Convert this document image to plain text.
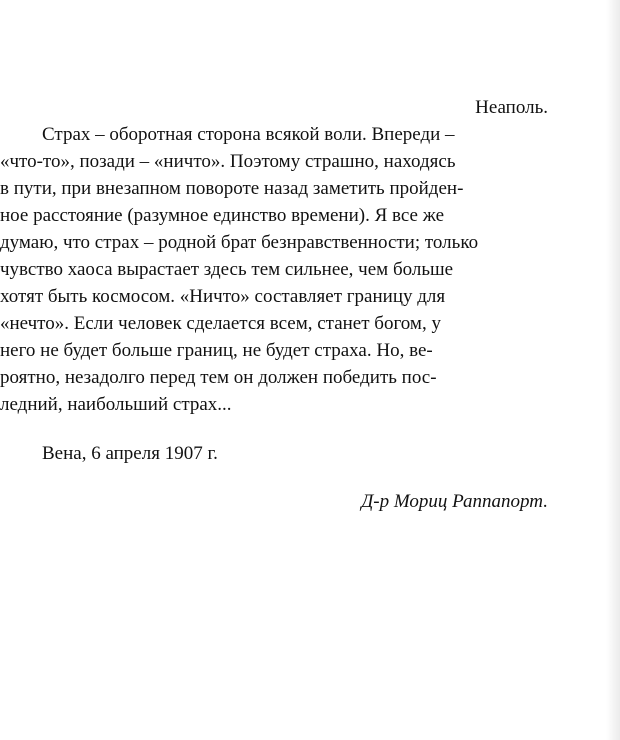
Неаполь.
Страх – оборотная сторона всякой воли. Впереди –
«что-то», позади – «ничто». Поэтому страшно, находясь
в пути, при внезапном повороте назад заметить пройден-
ное расстояние (разумное единство времени). Я все же
думаю, что страх – родной брат безнравственности; только
чувство хаоса вырастает здесь тем сильнее, чем больше
хотят быть космосом. «Ничто» составляет границу для
«нечто». Если человек сделается всем, станет богом, у
него не будет больше границ, не будет страха. Но, ве-
роятно, незадолго перед тем он должен победить пос-
ледний, наибольший страх...
Вена, 6 апреля 1907 г.
Д-р Мориц Раппапорт.
